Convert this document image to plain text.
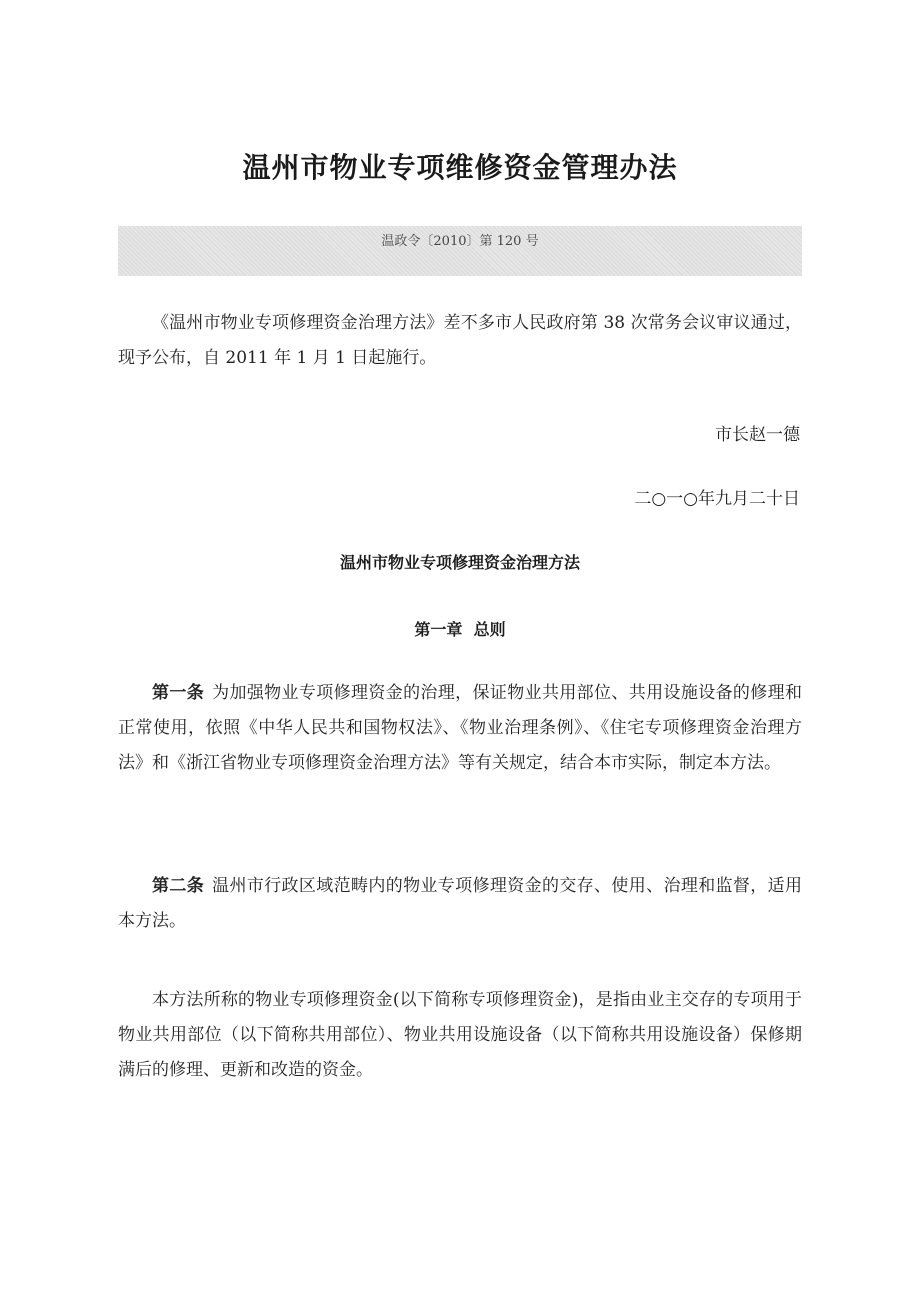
温州市物业专项维修资金管理办法
温政令〔2010〕第 120 号
《温州市物业专项修理资金治理方法》差不多市人民政府第 38 次常务会议审议通过，现予公布，自 2011 年 1 月 1 日起施行。
市长赵一德
二○一○年九月二十日
温州市物业专项修理资金治理方法
第一章  总则
第一条 为加强物业专项修理资金的治理，保证物业共用部位、共用设施设备的修理和正常使用，依照《中华人民共和国物权法》、《物业治理条例》、《住宅专项修理资金治理方法》和《浙江省物业专项修理资金治理方法》等有关规定，结合本市实际，制定本方法。
第二条 温州市行政区域范畴内的物业专项修理资金的交存、使用、治理和监督，适用本方法。
本方法所称的物业专项修理资金(以下简称专项修理资金)，是指由业主交存的专项用于物业共用部位（以下简称共用部位）、物业共用设施设备（以下简称共用设施设备）保修期满后的修理、更新和改造的资金。
